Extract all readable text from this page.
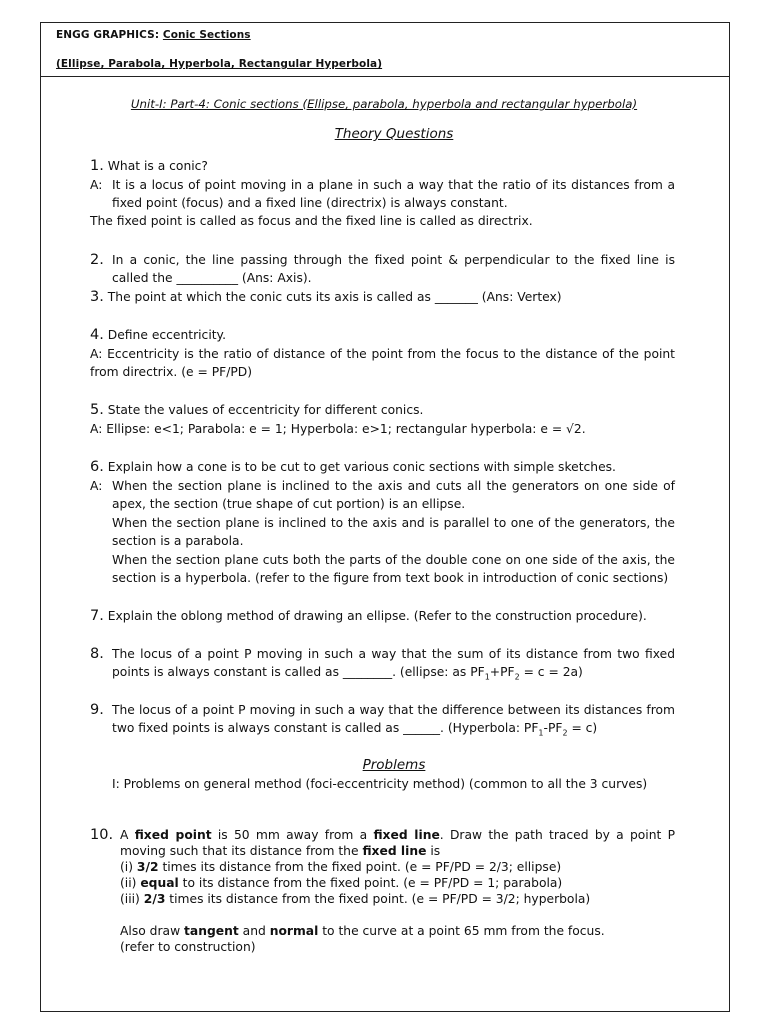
ENGG GRAPHICS: Conic Sections
(Ellipse, Parabola, Hyperbola, Rectangular Hyperbola)
Unit-I: Part-4: Conic sections (Ellipse, parabola, hyperbola and rectangular hyperbola)
Theory Questions
1. What is a conic?
A: It is a locus of point moving in a plane in such a way that the ratio of its distances from a
fixed point (focus) and a fixed line (directrix) is always constant.
The fixed point is called as focus and the fixed line is called as directrix.
2. In a conic, the line passing through the fixed point & perpendicular to the fixed line is
called the __________ (Ans: Axis).
3. The point at which the conic cuts its axis is called as _______ (Ans: Vertex)
4. Define eccentricity.
A: Eccentricity is the ratio of distance of the point from the focus to the distance of the point
from directrix. (e = PF/PD)
5. State the values of eccentricity for different conics.
A: Ellipse: e<1; Parabola: e = 1; Hyperbola: e>1; rectangular hyperbola: e = √2.
6. Explain how a cone is to be cut to get various conic sections with simple sketches.
A: When the section plane is inclined to the axis and cuts all the generators on one side of
apex, the section (true shape of cut portion) is an ellipse.
When the section plane is inclined to the axis and is parallel to one of the generators, the
section is a parabola.
When the section plane cuts both the parts of the double cone on one side of the axis, the
section is a hyperbola. (refer to the figure from text book in introduction of conic sections)
7. Explain the oblong method of drawing an ellipse. (Refer to the construction procedure).
8. The locus of a point P moving in such a way that the sum of its distance from two fixed
points is always constant is called as ________. (ellipse: as $PF_1+PF_2 = c = 2a$)
9. The locus of a point P moving in such a way that the difference between its distances from
two fixed points is always constant is called as ______. (Hyperbola: $PF_1-PF_2 = c$)
Problems
I: Problems on general method (foci-eccentricity method) (common to all the 3 curves)
10. A fixed point is 50 mm away from a fixed line. Draw the path traced by a point P
moving such that its distance from the fixed line is
(i) 3/2 times its distance from the fixed point. (e = PF/PD = 2/3; ellipse)
(ii) equal to its distance from the fixed point. (e = PF/PD = 1; parabola)
(iii) 2/3 times its distance from the fixed point. (e = PF/PD = 3/2; hyperbola)
Also draw tangent and normal to the curve at a point 65 mm from the focus.
(refer to construction)
